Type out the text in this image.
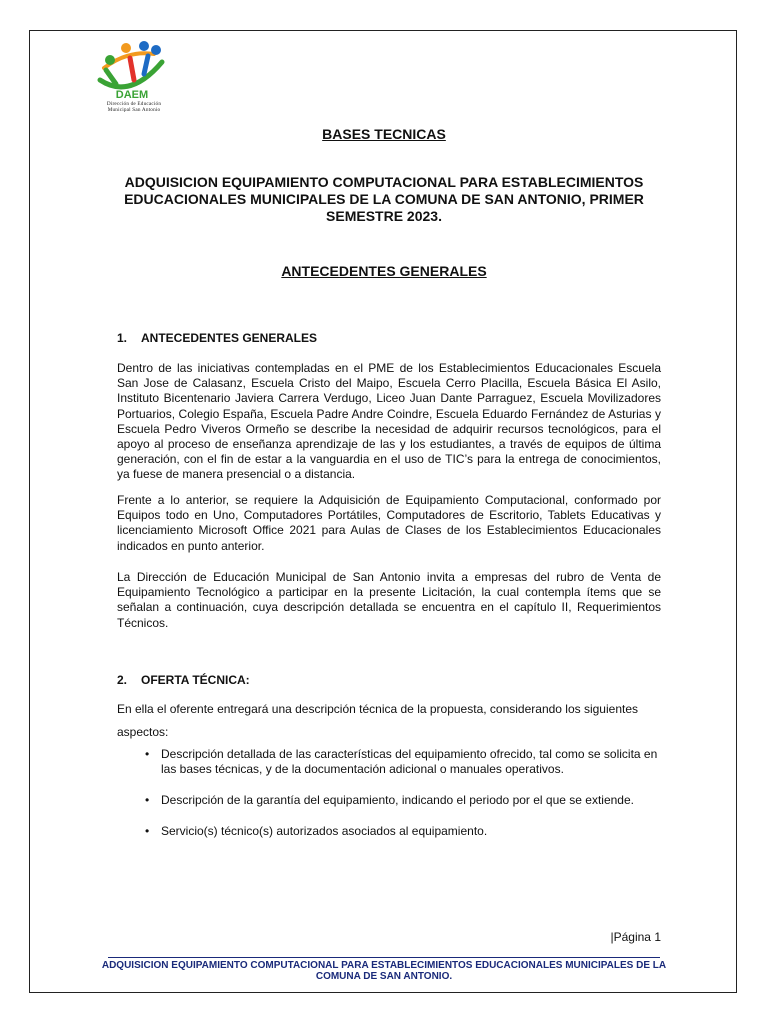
DAEM
Dirección de Educación
Municipal San Antonio
BASES TECNICAS
ADQUISICION EQUIPAMIENTO COMPUTACIONAL PARA ESTABLECIMIENTOS EDUCACIONALES MUNICIPALES DE LA COMUNA DE SAN ANTONIO, PRIMER SEMESTRE 2023.
ANTECEDENTES GENERALES
1. ANTECEDENTES GENERALES

Dentro de las iniciativas contempladas en el PME de los Establecimientos Educacionales Escuela San Jose de Calasanz, Escuela Cristo del Maipo, Escuela Cerro Placilla, Escuela Básica El Asilo, Instituto Bicentenario Javiera Carrera Verdugo, Liceo Juan Dante Parraguez, Escuela Movilizadores Portuarios, Colegio España, Escuela Padre Andre Coindre, Escuela Eduardo Fernández de Asturias y Escuela Pedro Viveros Ormeño se describe la necesidad de adquirir recursos tecnológicos, para el apoyo al proceso de enseñanza aprendizaje de las y los estudiantes, a través de equipos de última generación, con el fin de estar a la vanguardia en el uso de TIC’s para la entrega de conocimientos, ya fuese de manera presencial o a distancia.

Frente a lo anterior, se requiere la Adquisición de Equipamiento Computacional, conformado por Equipos todo en Uno, Computadores Portátiles, Computadores de Escritorio, Tablets Educativas y licenciamiento Microsoft Office 2021 para Aulas de Clases de los Establecimientos Educacionales indicados en punto anterior.

La Dirección de Educación Municipal de San Antonio invita a empresas del rubro de Venta de Equipamiento Tecnológico a participar en la presente Licitación, la cual contempla ítems que se señalan a continuación, cuya descripción detallada se encuentra en el capítulo II, Requerimientos Técnicos.

2. OFERTA TÉCNICA:

En ella el oferente entregará una descripción técnica de la propuesta, considerando los siguientes

aspectos:

• Descripción detallada de las características del equipamiento ofrecido, tal como se solicita en las bases técnicas, y de la documentación adicional o manuales operativos.
• Descripción de la garantía del equipamiento, indicando el periodo por el que se extiende.
• Servicio(s) técnico(s) autorizados asociados al equipamiento.
|Página 1
ADQUISICION EQUIPAMIENTO COMPUTACIONAL PARA ESTABLECIMIENTOS EDUCACIONALES MUNICIPALES DE LA COMUNA DE SAN ANTONIO.
